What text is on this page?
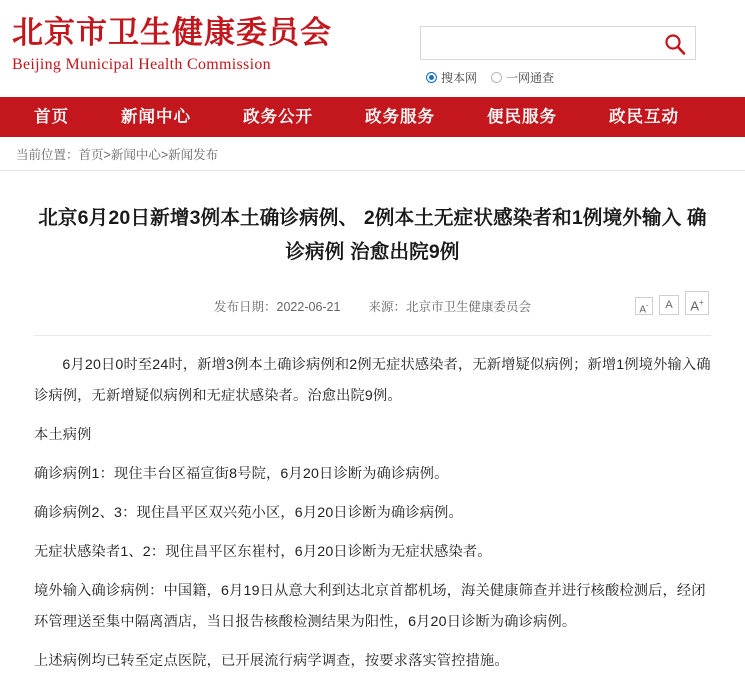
北京市卫生健康委员会
Beijing Municipal Health Commission
搜本网 一网通查
首页	新闻中心	政务公开	政务服务	便民服务	政民互动
当前位置：首页>新闻中心>新闻发布
北京6月20日新增3例本土确诊病例、 2例本土无症状感染者和1例境外输入 确诊病例 治愈出院9例
发布日期：2022-06-21 来源：北京市卫生健康委员会	A-	A	A+

6月20日0时至24时，新增3例本土确诊病例和2例无症状感染者，无新增疑似病例；新增1例境外输入确诊病例，无新增疑似病例和无症状感染者。治愈出院9例。

本土病例

确诊病例1：现住丰台区福宣街8号院，6月20日诊断为确诊病例。

确诊病例2、3：现住昌平区双兴苑小区，6月20日诊断为确诊病例。

无症状感染者1、2：现住昌平区东崔村，6月20日诊断为无症状感染者。

境外输入确诊病例：中国籍，6月19日从意大利到达北京首都机场，海关健康筛查并进行核酸检测后，经闭环管理送至集中隔离酒店，当日报告核酸检测结果为阳性，6月20日诊断为确诊病例。

上述病例均已转至定点医院，已开展流行病学调查，按要求落实管控措施。
